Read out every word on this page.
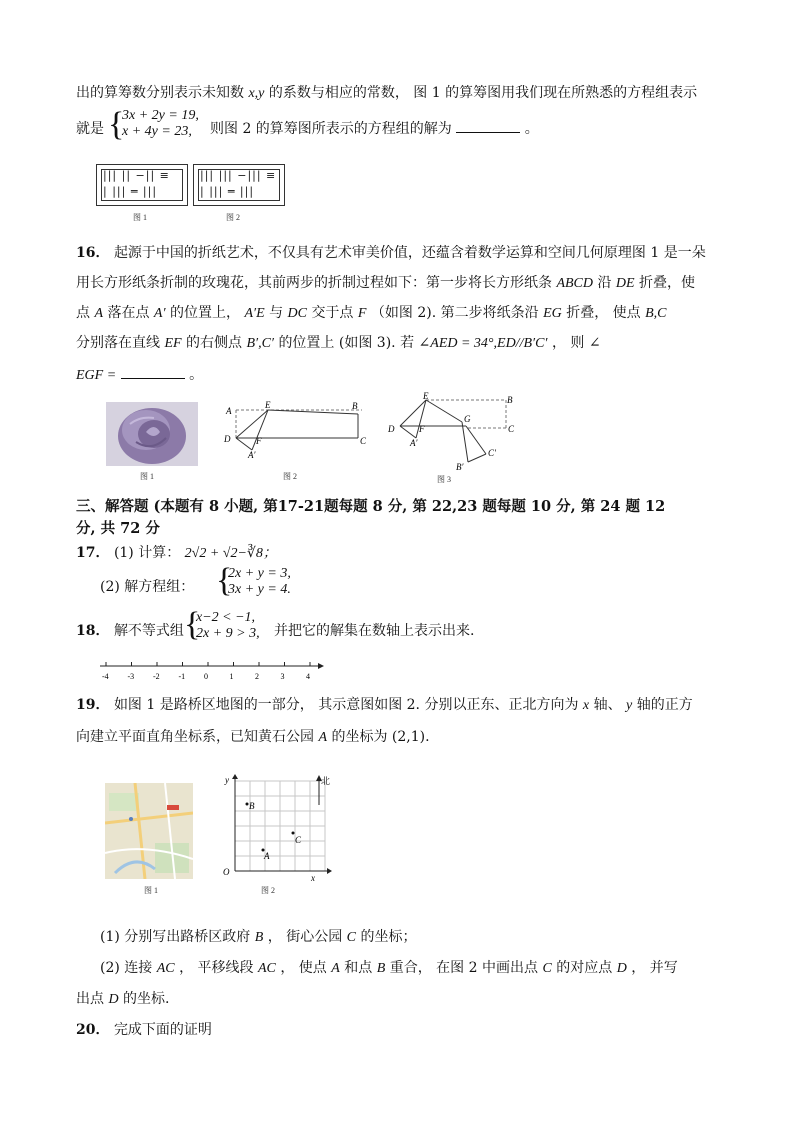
出的算筹数分别表示未知数 x,y 的系数与相应的常数， 图 1 的算筹图用我们现在所熟悉的方程组表示
就是 {
3x + 2y = 19,
x + 4y = 23,	则图 2 的算筹图所表示的方程组的解为	。
||| || −|| ≡
| ||| ═ |||
||| ||| −||| ≡
| ||| ═ |||
图 1	图 2
16． 起源于中国的折纸艺术，不仅具有艺术审美价值，还蕴含着数学运算和空间几何原理图 1 是一朵
用长方形纸条折制的玫瑰花，其前两步的折制过程如下：第一步将长方形纸条 ABCD 沿 DE 折叠，使
点 A 落在点 A′ 的位置上， A′E 与 DC 交于点 F （如图 2). 第二步将纸条沿 EG 折叠， 使点 B,C
分别落在直线 EF 的右侧点 B′,C′ 的位置上 (如图 3). 若 ∠AED = 34°,ED//B′C′ ， 则 ∠
EGF =	。
图 1
A
E	B
D	F
A′
C
图 2
E	B
D	F
A′
G
C
B′
C′
图 3
三、解答题 (本题有 8 小题, 第17-21题每题 8 分, 第 22,23 题每题 10 分, 第 24 题 12
分, 共 72 分
17． (1) 计算： 2√2 + √2−∛8；
(2) 解方程组： {
2x + y = 3,
3x + y = 4.
18． 解不等式组 {
x−2 < −1,
2x + 9 > 3, 并把它的解集在数轴上表示出来.
-4 -3 -2 -1 0	1	2	3	4
19． 如图 1 是路桥区地图的一部分， 其示意图如图 2. 分别以正东、正北方向为 x 轴、 y 轴的正方
向建立平面直角坐标系，已知黄石公园 A 的坐标为 (2,1).
图 1
B
A
C
O
x
y	北
图 2
(1) 分别写出路桥区政府 B ， 街心公园 C 的坐标；
(2) 连接 AC ， 平移线段 AC ， 使点 A 和点 B 重合， 在图 2 中画出点 C 的对应点 D ， 并写
出点 D 的坐标.
20． 完成下面的证明
